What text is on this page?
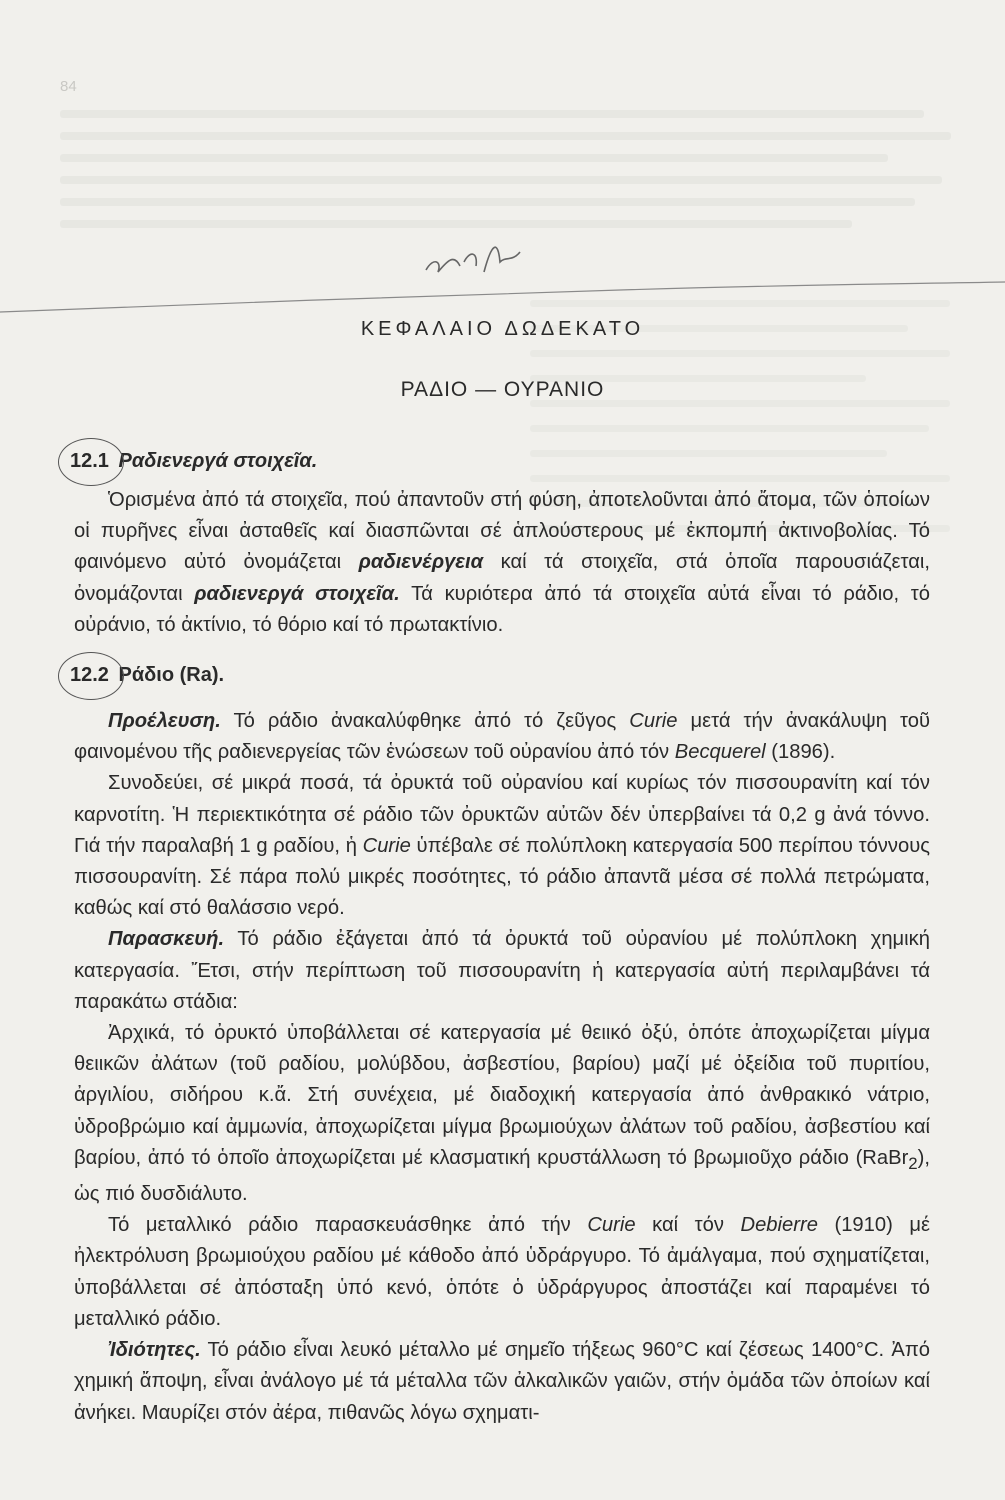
84
ΚΕΦΑΛΑΙΟ ΔΩΔΕΚΑΤΟ
ΡΑΔΙΟ — ΟΥΡΑΝΙΟ
12.1 Ραδιενεργά στοιχεῖα.

Ὁρισμένα ἀπό τά στοιχεῖα, πού ἀπαντοῦν στή φύση, ἀποτελοῦνται ἀπό ἄτομα, τῶν ὁποίων οἱ πυρῆνες εἶναι ἀσταθεῖς καί διασπῶνται σέ ἁπλούστερους μέ ἐκπομπή ἀκτινοβολίας. Τό φαινόμενο αὐτό ὀνομάζεται ραδιενέργεια καί τά στοιχεῖα, στά ὁποῖα παρουσιάζεται, ὀνομάζονται ραδιενεργά στοιχεῖα. Τά κυριότερα ἀπό τά στοιχεῖα αὐτά εἶναι τό ράδιο, τό οὐράνιο, τό ἀκτίνιο, τό θόριο καί τό πρωτακτίνιο.

12.2 Ράδιο (Ra).

Προέλευση. Τό ράδιο ἀνακαλύφθηκε ἀπό τό ζεῦγος Curie μετά τήν ἀνακάλυψη τοῦ φαινομένου τῆς ραδιενεργείας τῶν ἑνώσεων τοῦ οὐρανίου ἀπό τόν Becquerel (1896).

Συνοδεύει, σέ μικρά ποσά, τά ὀρυκτά τοῦ οὐρανίου καί κυρίως τόν πισσουρανίτη καί τόν καρνοτίτη. Ἡ περιεκτικότητα σέ ράδιο τῶν ὀρυκτῶν αὐτῶν δέν ὑπερβαίνει τά 0,2 g ἀνά τόννο. Γιά τήν παραλαβή 1 g ραδίου, ἡ Curie ὑπέβαλε σέ πολύπλοκη κατεργασία 500 περίπου τόννους πισσουρανίτη. Σέ πάρα πολύ μικρές ποσότητες, τό ράδιο ἀπαντᾶ μέσα σέ πολλά πετρώματα, καθώς καί στό θαλάσσιο νερό.

Παρασκευή. Τό ράδιο ἐξάγεται ἀπό τά ὀρυκτά τοῦ οὐρανίου μέ πολύπλοκη χημική κατεργασία. Ἔτσι, στήν περίπτωση τοῦ πισσουρανίτη ἡ κατεργασία αὐτή περιλαμβάνει τά παρακάτω στάδια:

Ἀρχικά, τό ὀρυκτό ὑποβάλλεται σέ κατεργασία μέ θειικό ὀξύ, ὁπότε ἀποχωρίζεται μίγμα θειικῶν ἀλάτων (τοῦ ραδίου, μολύβδου, ἀσβεστίου, βαρίου) μαζί μέ ὀξείδια τοῦ πυριτίου, ἀργιλίου, σιδήρου κ.ἄ. Στή συνέχεια, μέ διαδοχική κατεργασία ἀπό ἀνθρακικό νάτριο, ὑδροβρώμιο καί ἀμμωνία, ἀποχωρίζεται μίγμα βρωμιούχων ἀλάτων τοῦ ραδίου, ἀσβεστίου καί βαρίου, ἀπό τό ὁποῖο ἀποχωρίζεται μέ κλασματική κρυστάλλωση τό βρωμιοῦχο ράδιο (RaBr$_2$), ὡς πιό δυσδιάλυτο.

Τό μεταλλικό ράδιο παρασκευάσθηκε ἀπό τήν Curie καί τόν Debierre (1910) μέ ἠλεκτρόλυση βρωμιούχου ραδίου μέ κάθοδο ἀπό ὑδράργυρο. Τό ἀμάλγαμα, πού σχηματίζεται, ὑποβάλλεται σέ ἀπόσταξη ὑπό κενό, ὁπότε ὁ ὑδράργυρος ἀποστάζει καί παραμένει τό μεταλλικό ράδιο.

Ἰδιότητες. Τό ράδιο εἶναι λευκό μέταλλο μέ σημεῖο τήξεως 960°C καί ζέσεως 1400°C. Ἀπό χημική ἄποψη, εἶναι ἀνάλογο μέ τά μέταλλα τῶν ἀλκαλικῶν γαιῶν, στήν ὁμάδα τῶν ὁποίων καί ἀνήκει. Μαυρίζει στόν ἀέρα, πιθανῶς λόγω σχηματι-
